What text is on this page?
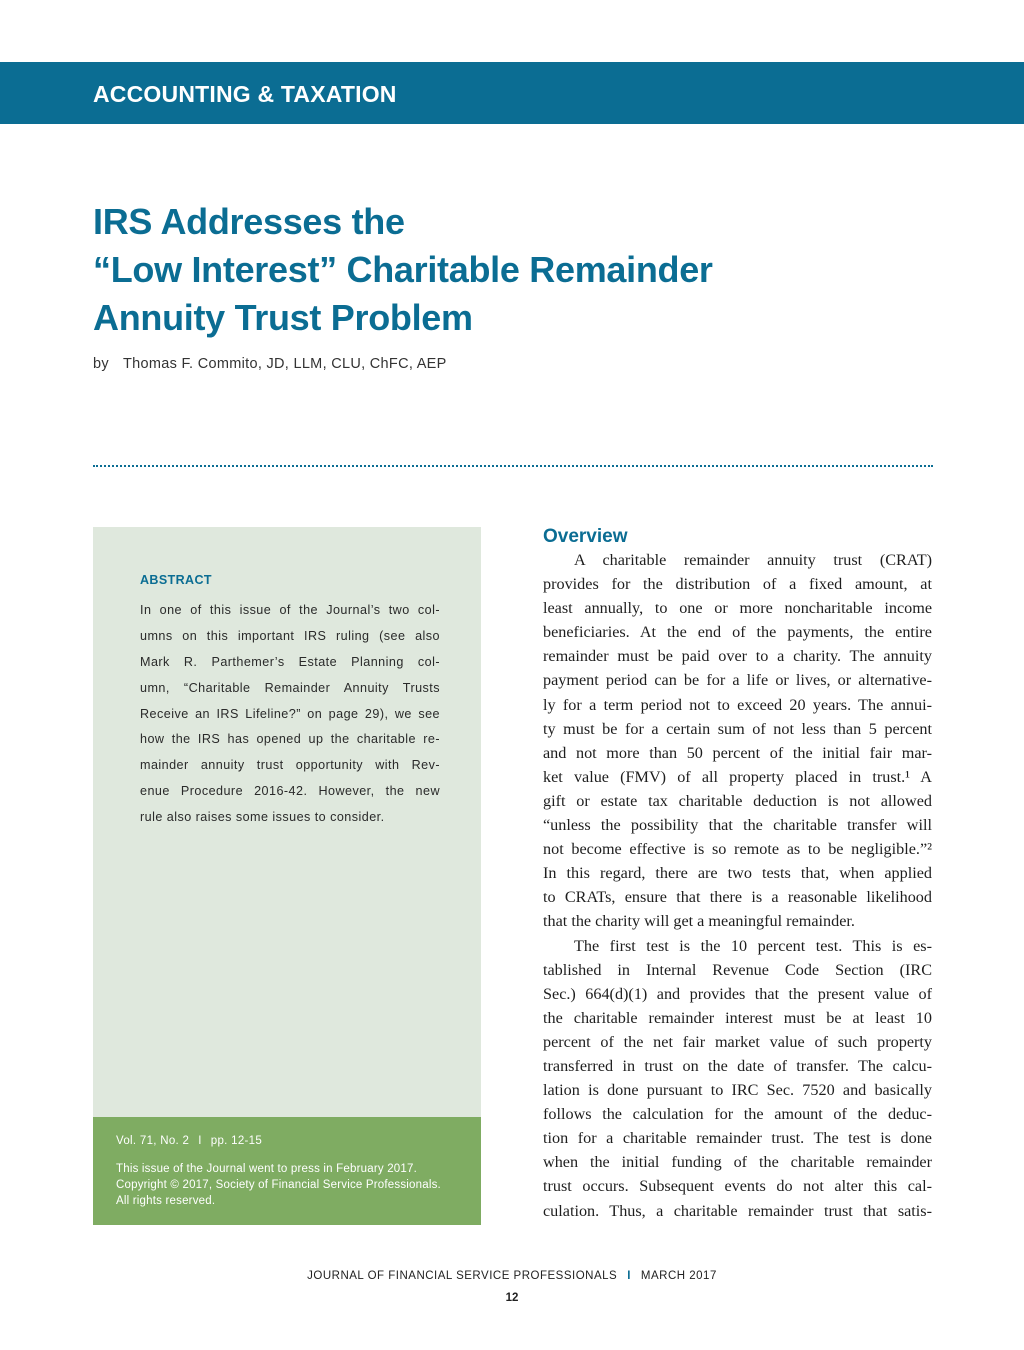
ACCOUNTING & TAXATION
IRS Addresses the
“Low Interest” Charitable Remainder
Annuity Trust Problem
by Thomas F. Commito, JD, LLM, CLU, ChFC, AEP
ABSTRACT
In one of this issue of the Journal’s two col-
umns on this important IRS ruling (see also
Mark R. Parthemer’s Estate Planning col-
umn, “Charitable Remainder Annuity Trusts
Receive an IRS Lifeline?” on page 29), we see
how the IRS has opened up the charitable re-
mainder annuity trust opportunity with Rev-
enue Procedure 2016-42. However, the new
rule also raises some issues to consider.
Vol. 71, No. 2 I pp. 12-15
This issue of the Journal went to press in February 2017.
Copyright © 2017, Society of Financial Service Professionals.
All rights reserved.
Overview
A charitable remainder annuity trust (CRAT)
provides for the distribution of a fixed amount, at
least annually, to one or more noncharitable income
beneficiaries. At the end of the payments, the entire
remainder must be paid over to a charity. The annuity
payment period can be for a life or lives, or alternative-
ly for a term period not to exceed 20 years. The annui-
ty must be for a certain sum of not less than 5 percent
and not more than 50 percent of the initial fair mar-
ket value (FMV) of all property placed in trust.¹ A
gift or estate tax charitable deduction is not allowed
“unless the possibility that the charitable transfer will
not become effective is so remote as to be negligible.”²
In this regard, there are two tests that, when applied
to CRATs, ensure that there is a reasonable likelihood
that the charity will get a meaningful remainder.
The first test is the 10 percent test. This is es-
tablished in Internal Revenue Code Section (IRC
Sec.) 664(d)(1) and provides that the present value of
the charitable remainder interest must be at least 10
percent of the net fair market value of such property
transferred in trust on the date of transfer. The calcu-
lation is done pursuant to IRC Sec. 7520 and basically
follows the calculation for the amount of the deduc-
tion for a charitable remainder trust. The test is done
when the initial funding of the charitable remainder
trust occurs. Subsequent events do not alter this cal-
culation. Thus, a charitable remainder trust that satis-
JOURNAL OF FINANCIAL SERVICE PROFESSIONALS I MARCH 2017
12
